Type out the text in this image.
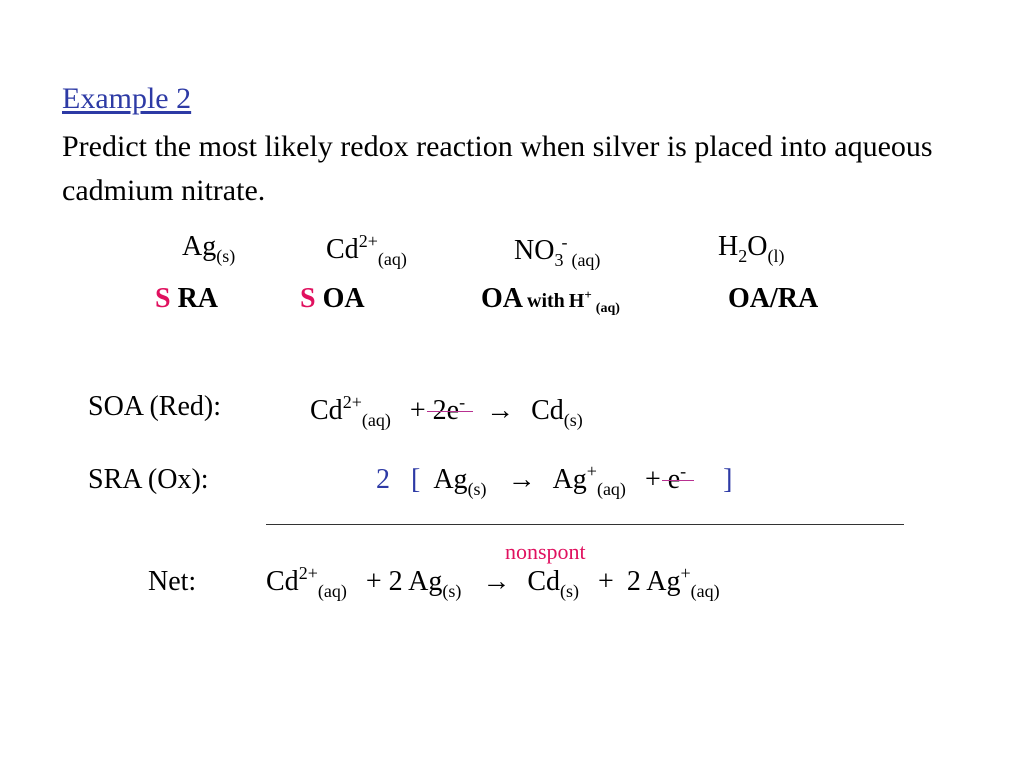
Example 2
Predict the most likely redox reaction when silver is placed into aqueous cadmium nitrate.
$Ag_{(s)}$	$Cd^{2+}_{(aq)}$	$NO_3^-_{(aq)}$	$H_2O_{(l)}$
S RA	S OA	OA with H+ (aq)	OA/RA
SOA (Red):	$Cd^{2+}_{(aq)} + 2e^- \to Cd_{(s)}$
SRA (Ox):	2 [ $Ag_{(s)} \to Ag^+_{(aq)} + e^-$ ]
nonspont
Net: $Cd^{2+}_{(aq)} + 2$ $Ag_{(s)} \to Cd_{(s)} + 2$ $Ag^+_{(aq)}$
